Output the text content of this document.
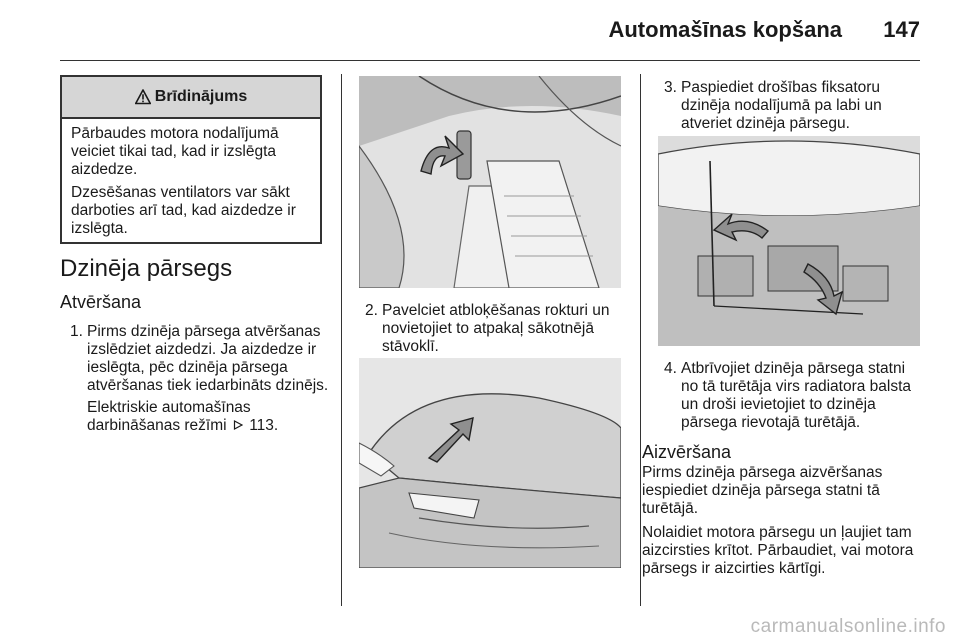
Automašīnas kopšana 147
Brīdinājums

Pārbaudes motora nodalījumā veiciet tikai tad, kad ir izslēgta aizdedze.

Dzesēšanas ventilators var sākt darboties arī tad, kad aizdedze ir izslēgta.

Dzinēja pārsegs
Atvēršana
1. Pirms dzinēja pārsega atvēršanas izslēdziet aizdedzi. Ja aizdedze ir ieslēgta, pēc dzinēja pārsega atvēršanas tiek iedarbināts dzinējs.

Elektriskie automašīnas darbināšanas režīmi 113.

2. Pavelciet atbloķēšanas rokturi un novietojiet to atpakaļ sākotnējā stāvoklī.

3. Paspiediet drošības fiksatoru dzinēja nodalījumā pa labi un atveriet dzinēja pārsegu.

4. Atbrīvojiet dzinēja pārsega statni no tā turētāja virs radiatora balsta un droši ievietojiet to dzinēja pārsega rievotajā turētājā.

Aizvēršana

Pirms dzinēja pārsega aizvēršanas iespiediet dzinēja pārsega statni tā turētājā.

Nolaidiet motora pārsegu un ļaujiet tam aizcirsties krītot. Pārbaudiet, vai motora pārsegs ir aizcirties kārtīgi.

carmanualsonline.info
